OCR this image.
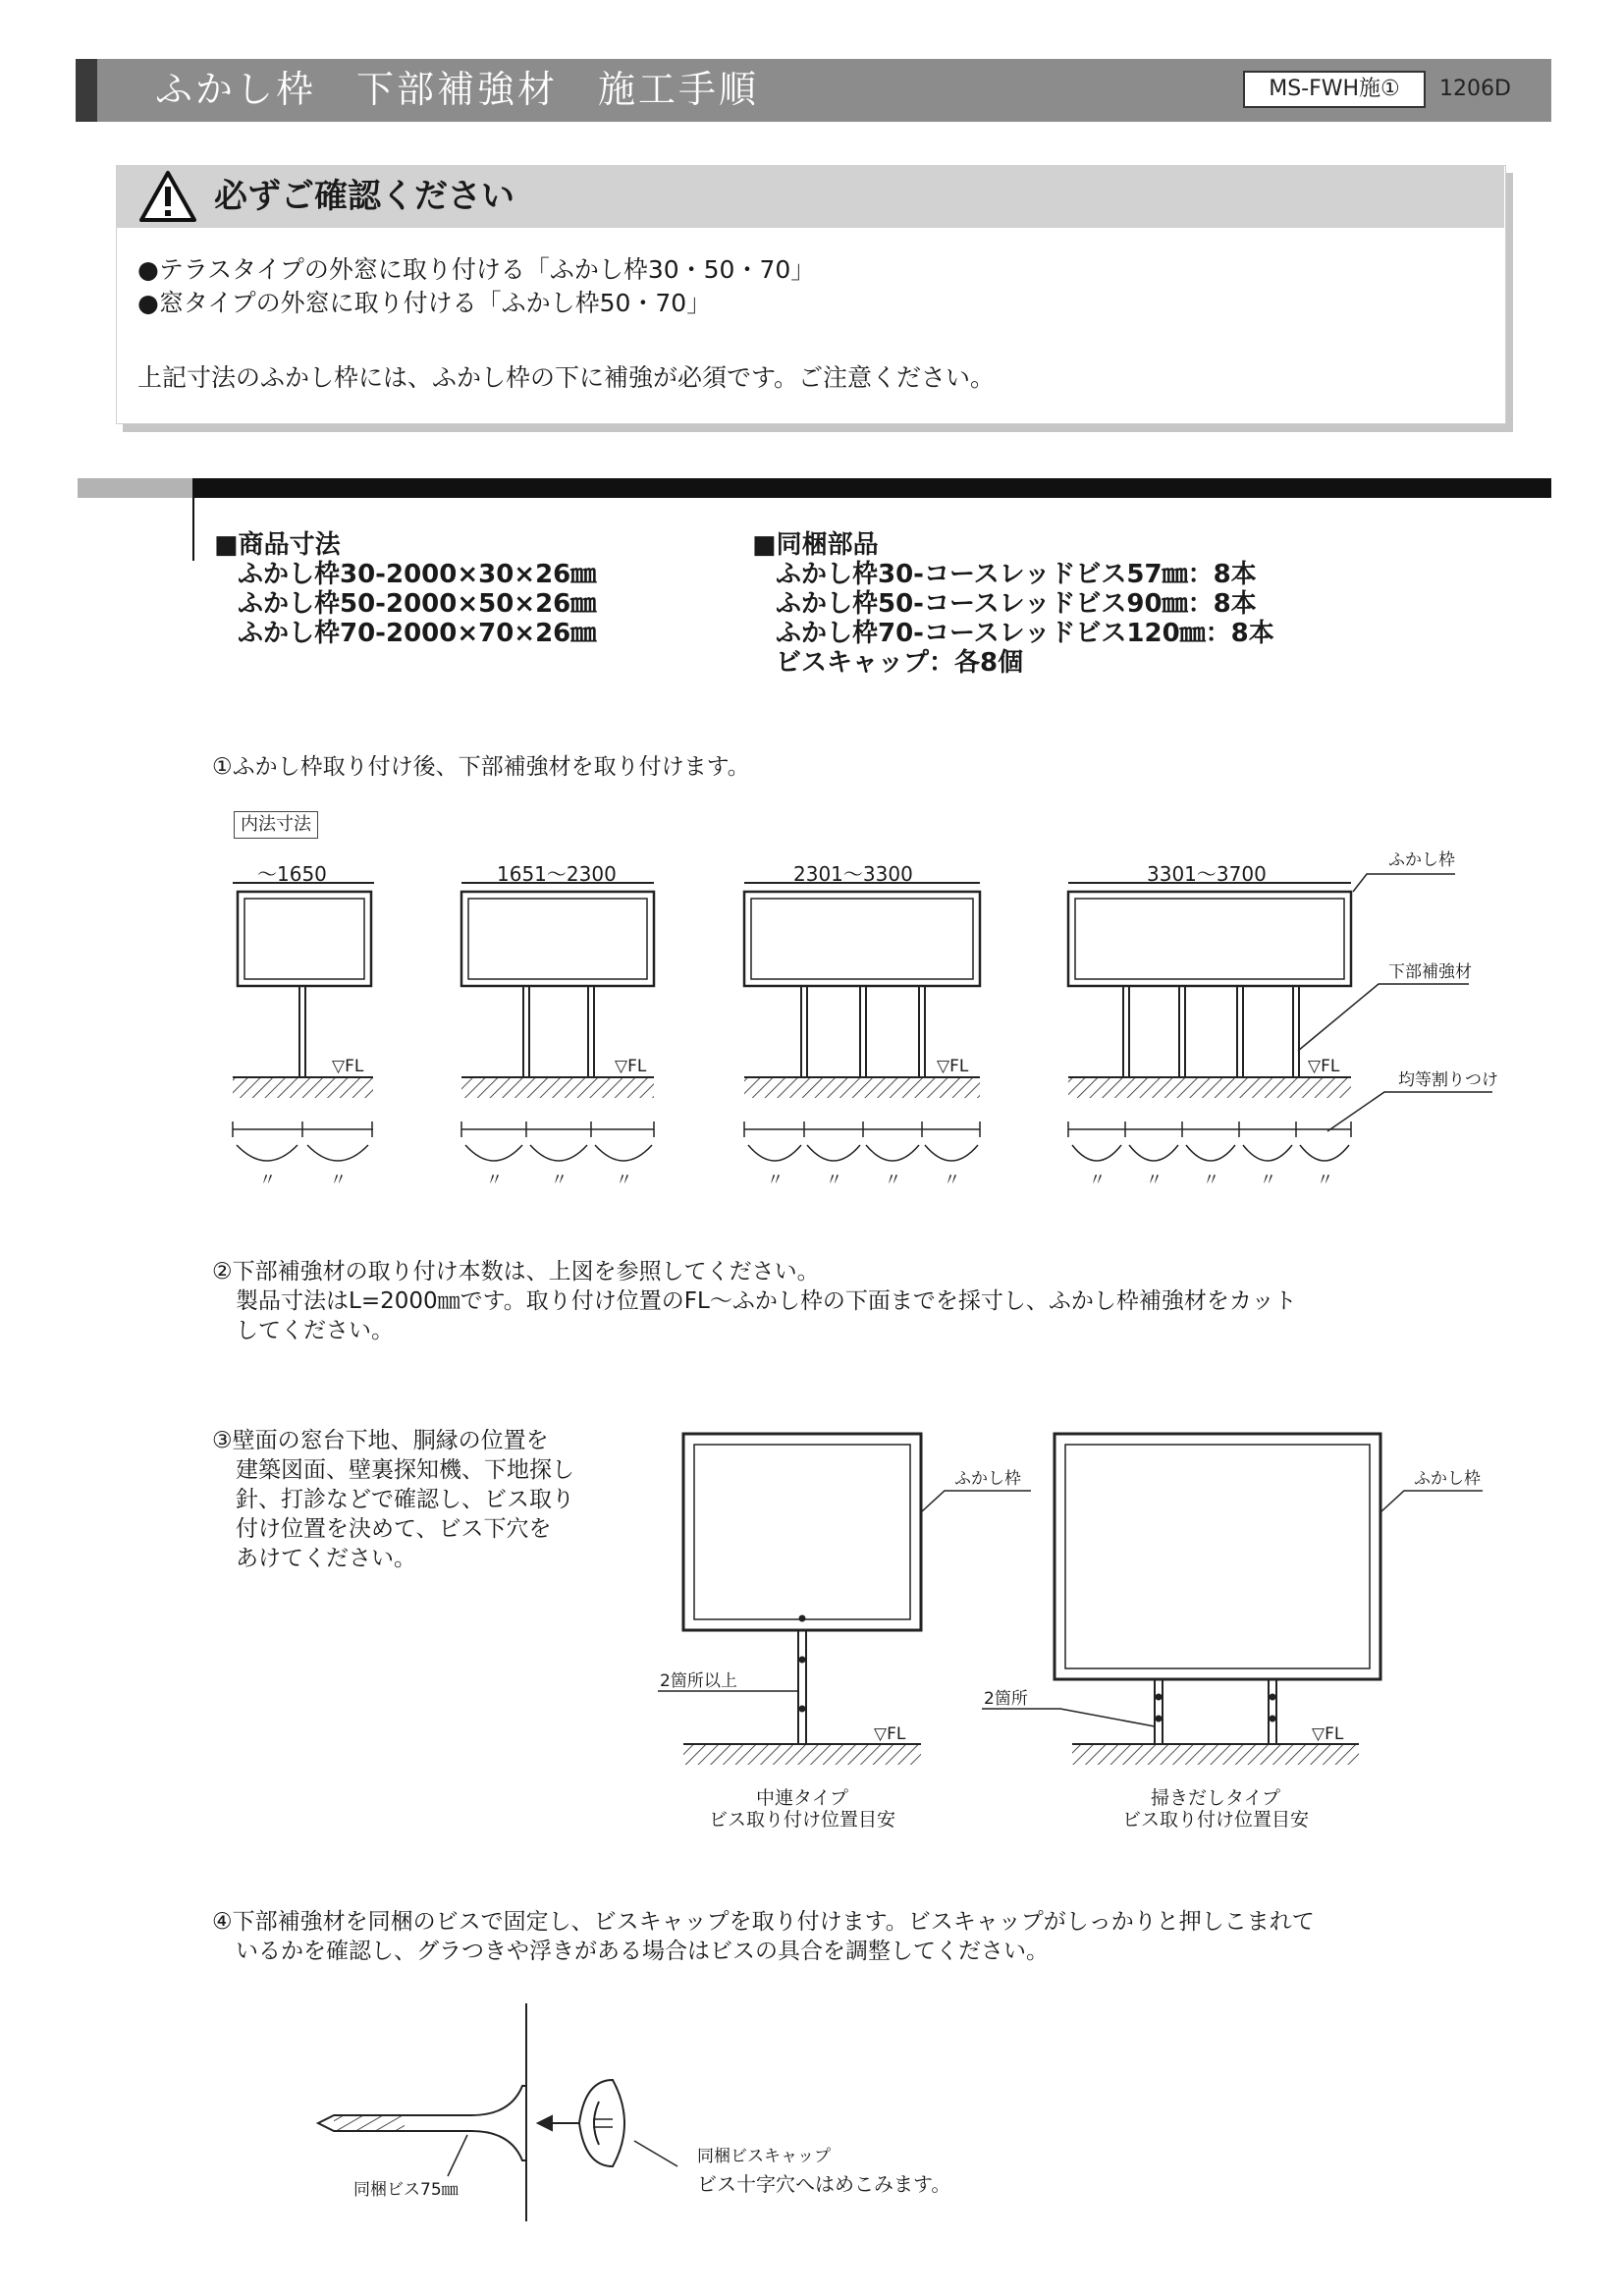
ふかし枠　下部補強材　施工手順	MS-FWH施①	1206D
必ずご確認ください
●テラスタイプの外窓に取り付ける「ふかし枠30・50・70」
●窓タイプの外窓に取り付ける「ふかし枠50・70」
上記寸法のふかし枠には、ふかし枠の下に補強が必須です。ご注意ください。
■商品寸法
ふかし枠30-2000×30×26㎜
ふかし枠50-2000×50×26㎜
ふかし枠70-2000×70×26㎜
■同梱部品
ふかし枠30-コースレッドビス57㎜：8本
ふかし枠50-コースレッドビス90㎜：8本
ふかし枠70-コースレッドビス120㎜：8本
ビスキャップ：各8個
①ふかし枠取り付け後、下部補強材を取り付けます。
内法寸法
～1650	1651～2300	2301～3300	3301～3700
▽FL	▽FL	▽FL	▽FL
ふかし枠
下部補強材
均等割りつけ
〃	〃	〃	〃	〃	〃	〃	〃	〃	〃 〃 〃 〃 〃
②下部補強材の取り付け本数は、上図を参照してください。
製品寸法はL=2000㎜です。取り付け位置のFL～ふかし枠の下面までを採寸し、ふかし枠補強材をカット
してください。
③壁面の窓台下地、胴縁の位置を
建築図面、壁裏探知機、下地探し
針、打診などで確認し、ビス取り
付け位置を決めて、ビス下穴を
あけてください。
ふかし枠	ふかし枠
2箇所以上
2箇所
▽FL	▽FL
中連タイプ
ビス取り付け位置目安
掃きだしタイプ
ビス取り付け位置目安
④下部補強材を同梱のビスで固定し、ビスキャップを取り付けます。ビスキャップがしっかりと押しこまれて
いるかを確認し、グラつきや浮きがある場合はビスの具合を調整してください。
同梱ビス75㎜
同梱ビスキャップ
ビス十字穴へはめこみます。
